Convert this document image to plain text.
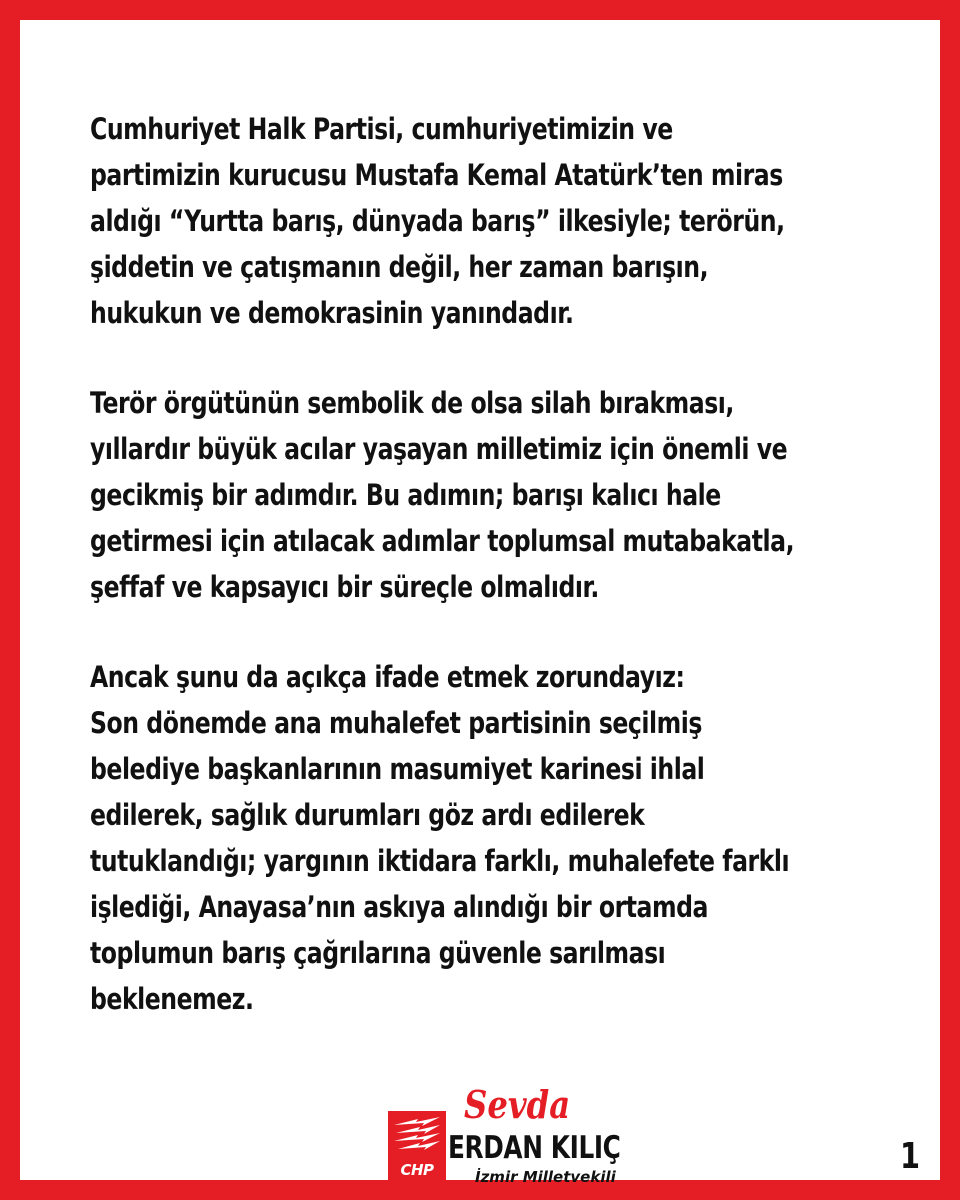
Cumhuriyet Halk Partisi, cumhuriyetimizin ve
partimizin kurucusu Mustafa Kemal Atatürk’ten miras
aldığı “Yurtta barış, dünyada barış” ilkesiyle; terörün,
şiddetin ve çatışmanın değil, her zaman barışın,
hukukun ve demokrasinin yanındadır.

Terör örgütünün sembolik de olsa silah bırakması,
yıllardır büyük acılar yaşayan milletimiz için önemli ve
gecikmiş bir adımdır. Bu adımın; barışı kalıcı hale
getirmesi için atılacak adımlar toplumsal mutabakatla,
şeffaf ve kapsayıcı bir süreçle olmalıdır.

Ancak şunu da açıkça ifade etmek zorundayız:
Son dönemde ana muhalefet partisinin seçilmiş
belediye başkanlarının masumiyet karinesi ihlal
edilerek, sağlık durumları göz ardı edilerek
tutuklandığı; yargının iktidara farklı, muhalefete farklı
işlediği, Anayasa’nın askıya alındığı bir ortamda
toplumun barış çağrılarına güvenle sarılması
beklenemez.

CHP
Sevda
ERDAN KILIÇ
İzmir Milletvekili	1
